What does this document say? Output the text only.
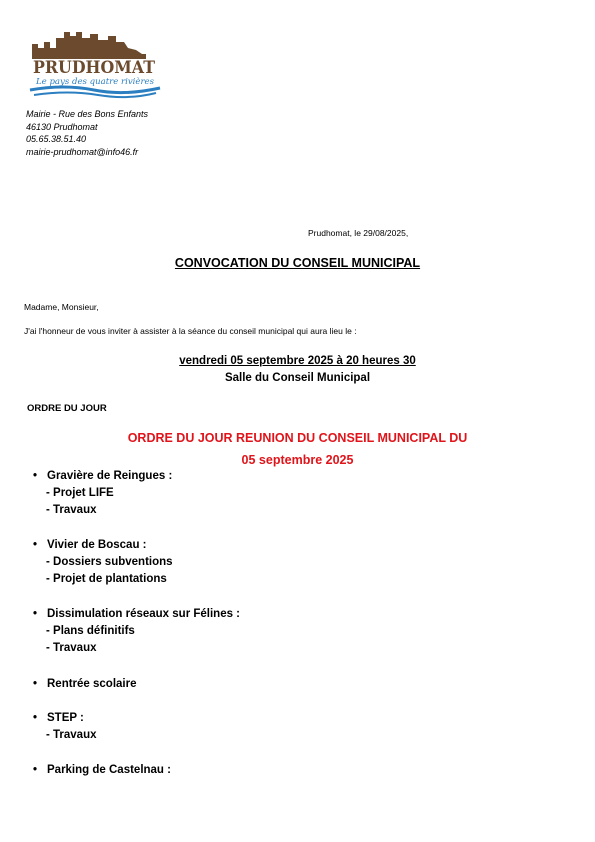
PRUDHOMAT
Le pays des quatre rivières
Mairie - Rue des Bons Enfants
46130 Prudhomat
05.65.38.51.40
mairie-prudhomat@info46.fr
Prudhomat, le 29/08/2025,
CONVOCATION DU CONSEIL MUNICIPAL
Madame, Monsieur,
J'ai l'honneur de vous inviter à assister à la séance du conseil municipal qui aura lieu le :
vendredi 05 septembre 2025 à 20 heures 30
Salle du Conseil Municipal
ORDRE DU JOUR
ORDRE DU JOUR REUNION DU CONSEIL MUNICIPAL DU
05 septembre 2025
• Gravière de Reingues :
- Projet LIFE
- Travaux
• Vivier de Boscau :
- Dossiers subventions
- Projet de plantations
• Dissimulation réseaux sur Félines :
- Plans définitifs
- Travaux
• Rentrée scolaire
• STEP :
- Travaux
• Parking de Castelnau :
